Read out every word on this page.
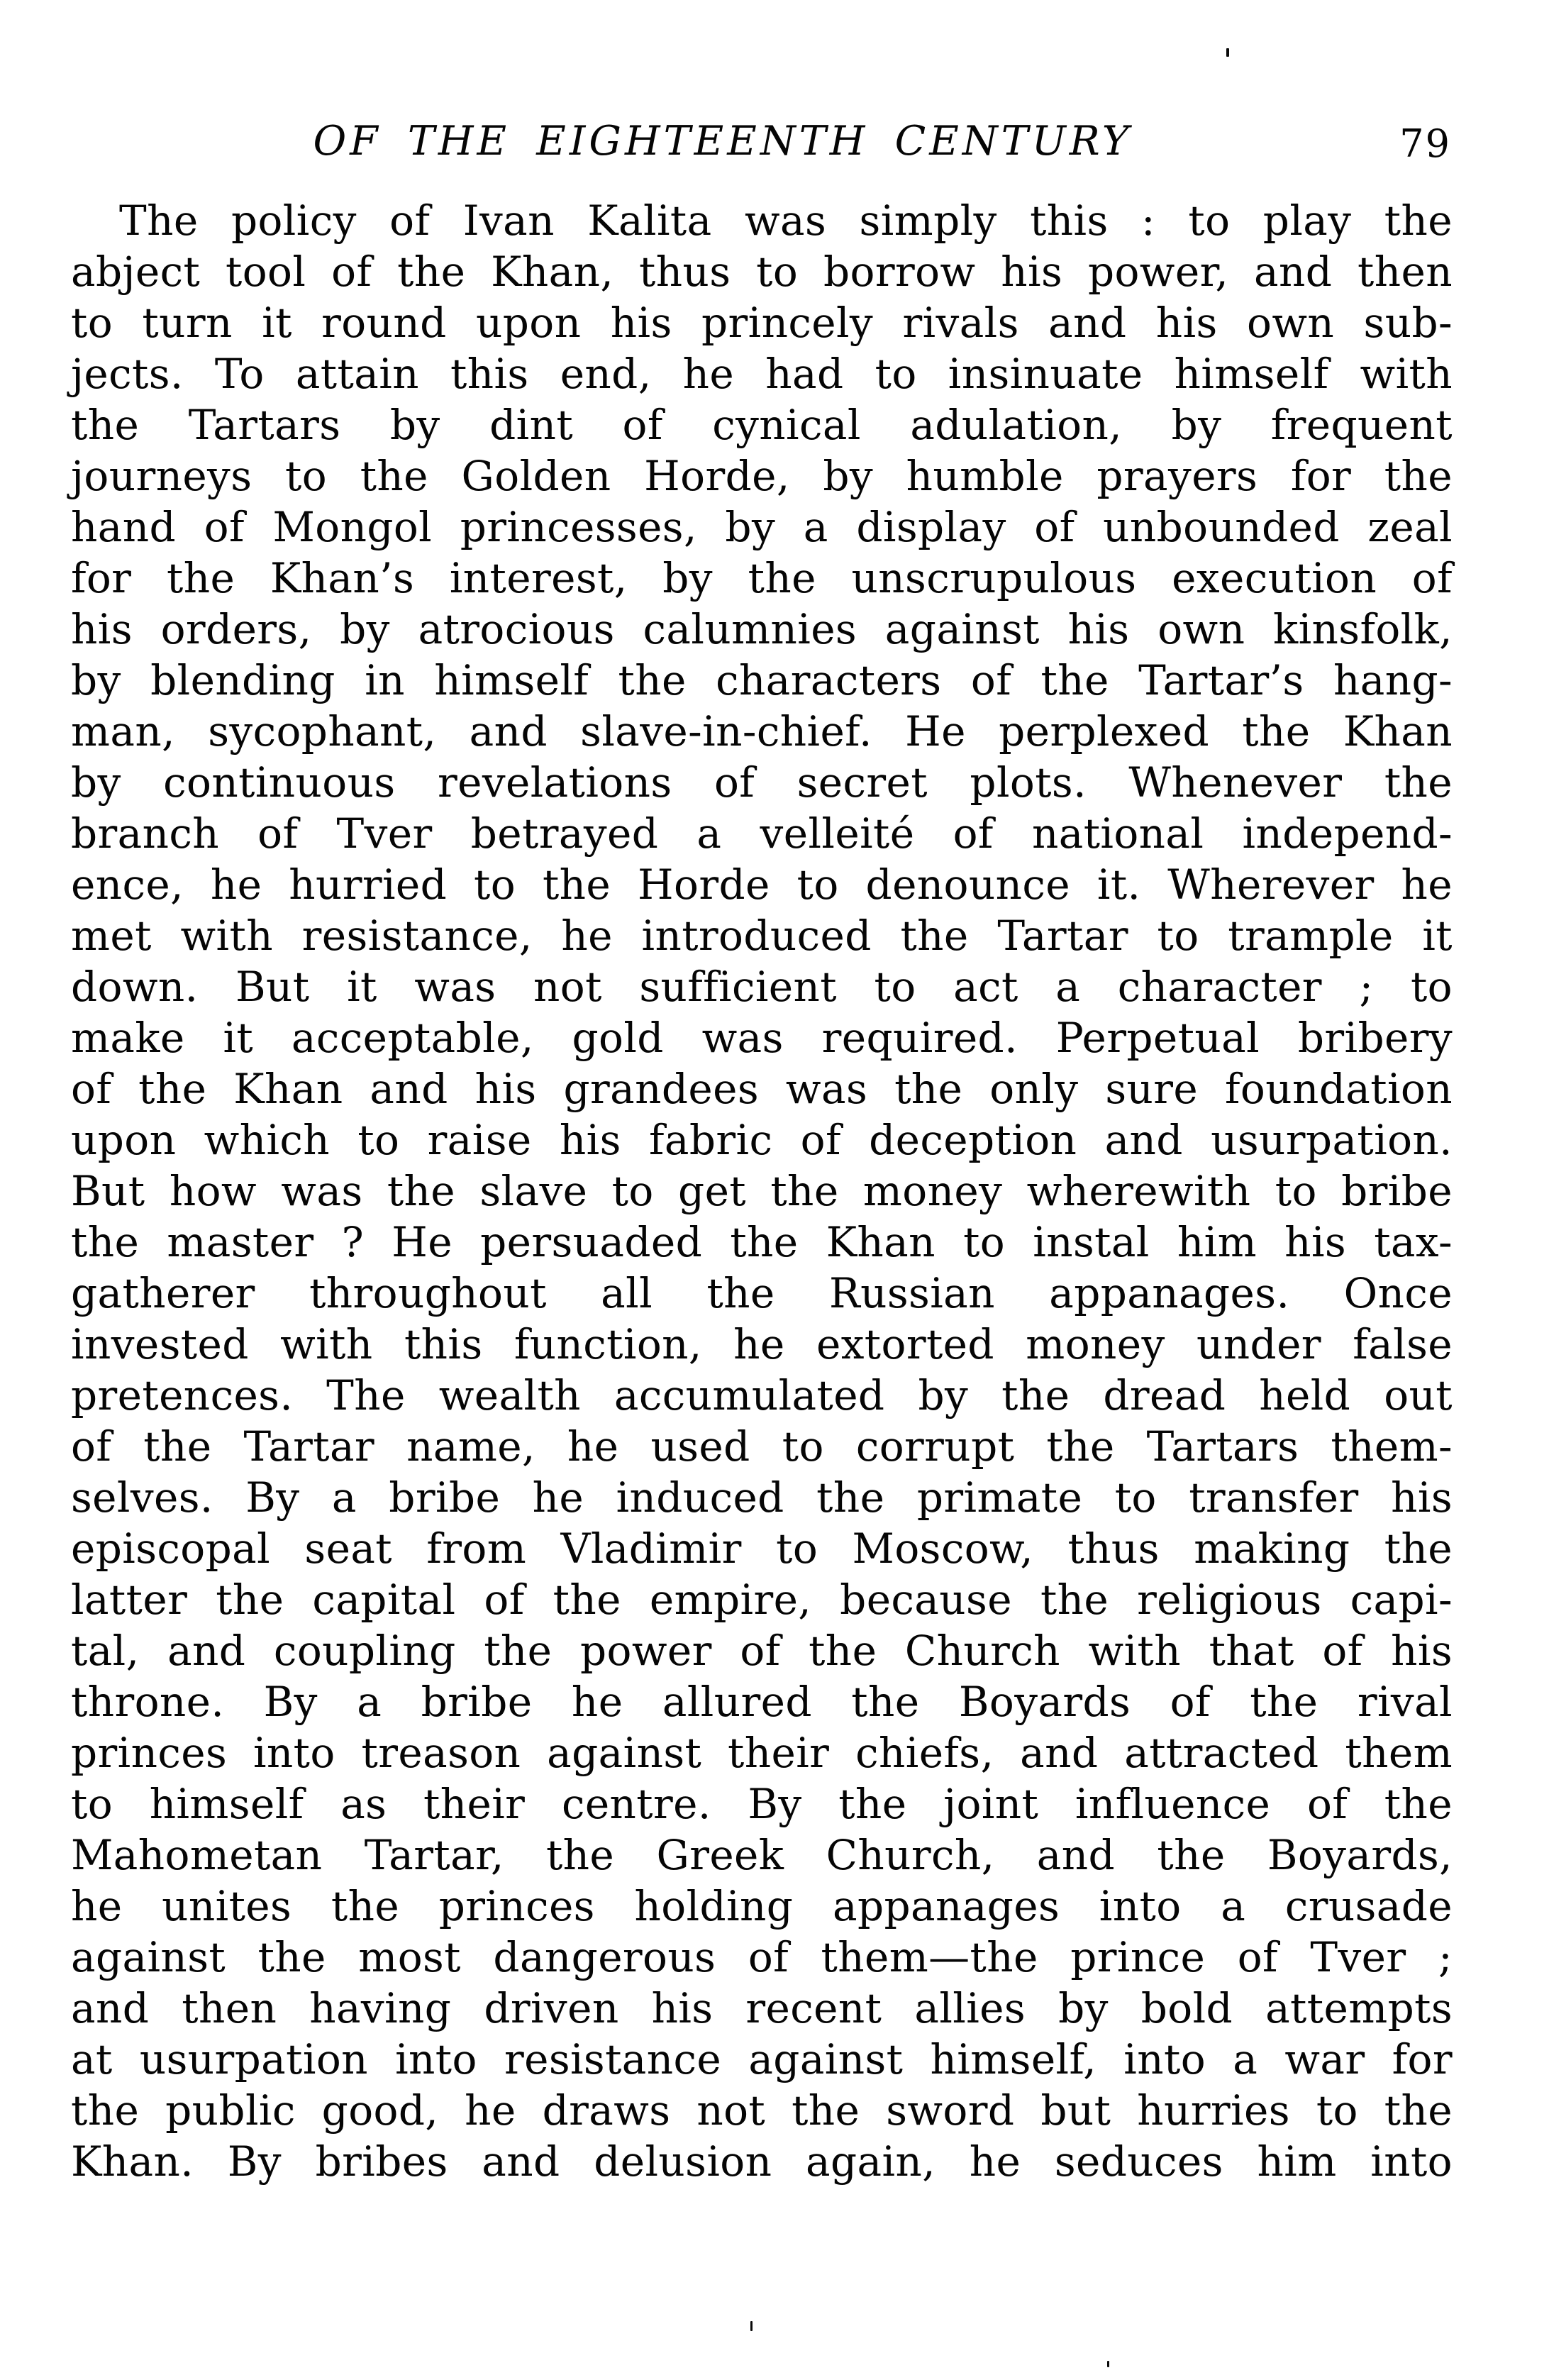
OF THE EIGHTEENTH CENTURY	79
The policy of Ivan Kalita was simply this : to play the
abject tool of the Khan, thus to borrow his power, and then
to turn it round upon his princely rivals and his own sub-
jects. To attain this end, he had to insinuate himself with
the Tartars by dint of cynical adulation, by frequent
journeys to the Golden Horde, by humble prayers for the
hand of Mongol princesses, by a display of unbounded zeal
for the Khan’s interest, by the unscrupulous execution of
his orders, by atrocious calumnies against his own kinsfolk,
by blending in himself the characters of the Tartar’s hang-
man, sycophant, and slave-in-chief. He perplexed the Khan
by continuous revelations of secret plots. Whenever the
branch of Tver betrayed a velleité of national independ-
ence, he hurried to the Horde to denounce it. Wherever he
met with resistance, he introduced the Tartar to trample it
down. But it was not sufficient to act a character ; to
make it acceptable, gold was required. Perpetual bribery
of the Khan and his grandees was the only sure foundation
upon which to raise his fabric of deception and usurpation.
But how was the slave to get the money wherewith to bribe
the master ? He persuaded the Khan to instal him his tax-
gatherer throughout all the Russian appanages. Once
invested with this function, he extorted money under false
pretences. The wealth accumulated by the dread held out
of the Tartar name, he used to corrupt the Tartars them-
selves. By a bribe he induced the primate to transfer his
episcopal seat from Vladimir to Moscow, thus making the
latter the capital of the empire, because the religious capi-
tal, and coupling the power of the Church with that of his
throne. By a bribe he allured the Boyards of the rival
princes into treason against their chiefs, and attracted them
to himself as their centre. By the joint influence of the
Mahometan Tartar, the Greek Church, and the Boyards,
he unites the princes holding appanages into a crusade
against the most dangerous of them—the prince of Tver ;
and then having driven his recent allies by bold attempts
at usurpation into resistance against himself, into a war for
the public good, he draws not the sword but hurries to the
Khan. By bribes and delusion again, he seduces him into
